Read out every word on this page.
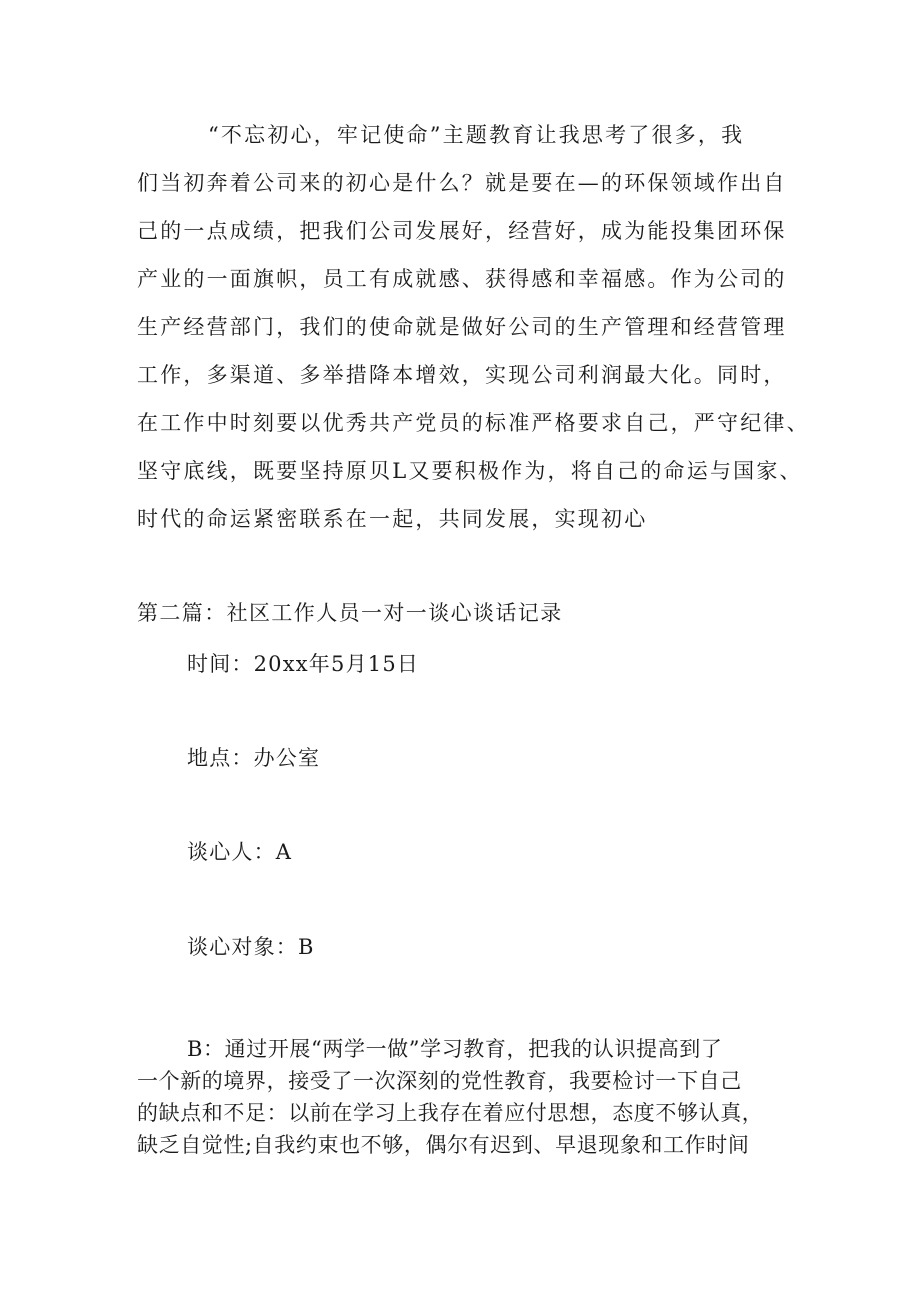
“不忘初心，牢记使命”主题教育让我思考了很多，我
们当初奔着公司来的初心是什么？就是要在—的环保领域作出自
己的一点成绩，把我们公司发展好，经营好，成为能投集团环保
产业的一面旗帜，员工有成就感、获得感和幸福感。作为公司的
生产经营部门，我们的使命就是做好公司的生产管理和经营管理
工作，多渠道、多举措降本增效，实现公司利润最大化。同时，
在工作中时刻要以优秀共产党员的标准严格要求自己，严守纪律、
坚守底线，既要坚持原贝L又要积极作为，将自己的命运与国家、
时代的命运紧密联系在一起，共同发展，实现初心
第二篇：社区工作人员一对一谈心谈话记录
时间：20xx年5月15日
地点：办公室
谈心人：A
谈心对象：B
B：通过开展“两学一做”学习教育，把我的认识提高到了
一个新的境界，接受了一次深刻的党性教育，我要检讨一下自己
的缺点和不足：以前在学习上我存在着应付思想，态度不够认真，
缺乏自觉性;自我约束也不够，偶尔有迟到、早退现象和工作时间
